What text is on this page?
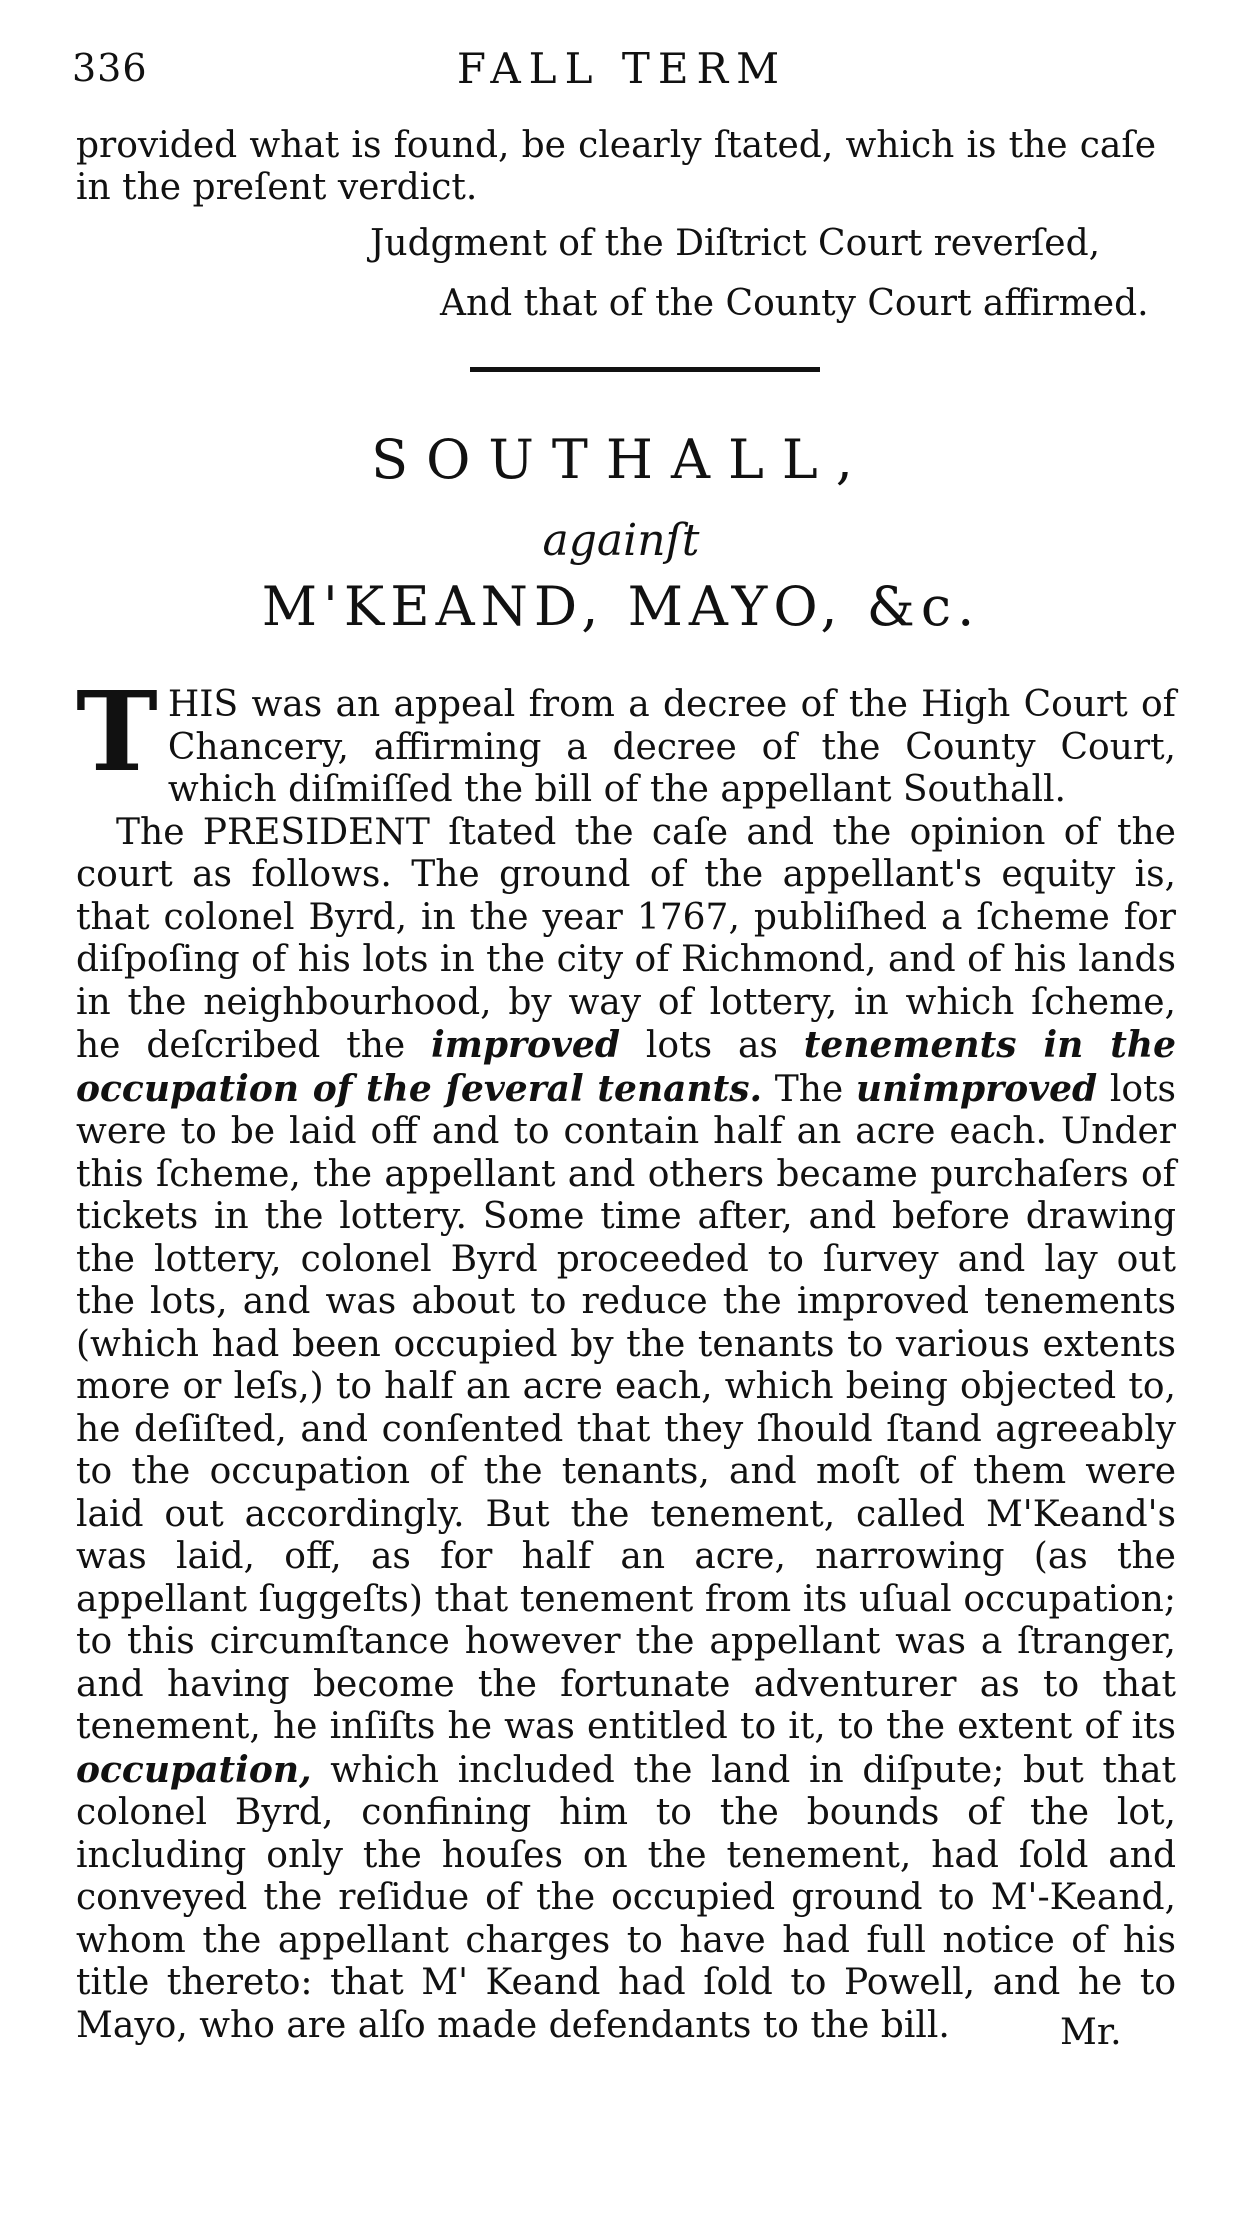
336	FALL TERM
provided what is found, be clearly ſtated, which is the caſe in the preſent verdict.
Judgment of the Diſtrict Court reverſed,
And that of the County Court affirmed.
SOUTHALL,
againſt
M'KEAND, MAYO, &c.

THIS was an appeal from a decree of the High Court of Chancery, affirming a decree of the County Court, which diſmiſſed the bill of the appellant Southall.

The PRESIDENT ſtated the caſe and the opinion of the court as follows. The ground of the appellant's equity is, that colonel Byrd, in the year 1767, publiſhed a ſcheme for diſpoſing of his lots in the city of Richmond, and of his lands in the neighbourhood, by way of lottery, in which ſcheme, he deſcribed the improved lots as tenements in the occupation of the ſeveral tenants. The unimproved lots were to be laid off and to contain half an acre each. Under this ſcheme, the appellant and others became purchaſers of tickets in the lottery. Some time after, and before drawing the lottery, colonel Byrd proceeded to ſurvey and lay out the lots, and was about to reduce the improved tenements (which had been occupied by the tenants to various extents more or leſs,) to half an acre each, which being objected to, he deſiſted, and conſented that they ſhould ſtand agreeably to the occupation of the tenants, and moſt of them were laid out accordingly. But the tenement, called M'Keand's was laid, off, as for half an acre, narrowing (as the appellant ſuggeſts) that tenement from its uſual occupation; to this circumſtance however the appellant was a ſtranger, and having become the fortunate adventurer as to that tenement, he inſiſts he was entitled to it, to the extent of its occupation, which included the land in diſpute; but that colonel Byrd, confining him to the bounds of the lot, including only the houſes on the tenement, had ſold and conveyed the reſidue of the occupied ground to M'-Keand, whom the appellant charges to have had full notice of his title thereto: that M' Keand had ſold to Powell, and he to Mayo, who are alſo made defendants to the bill.	Mr.
